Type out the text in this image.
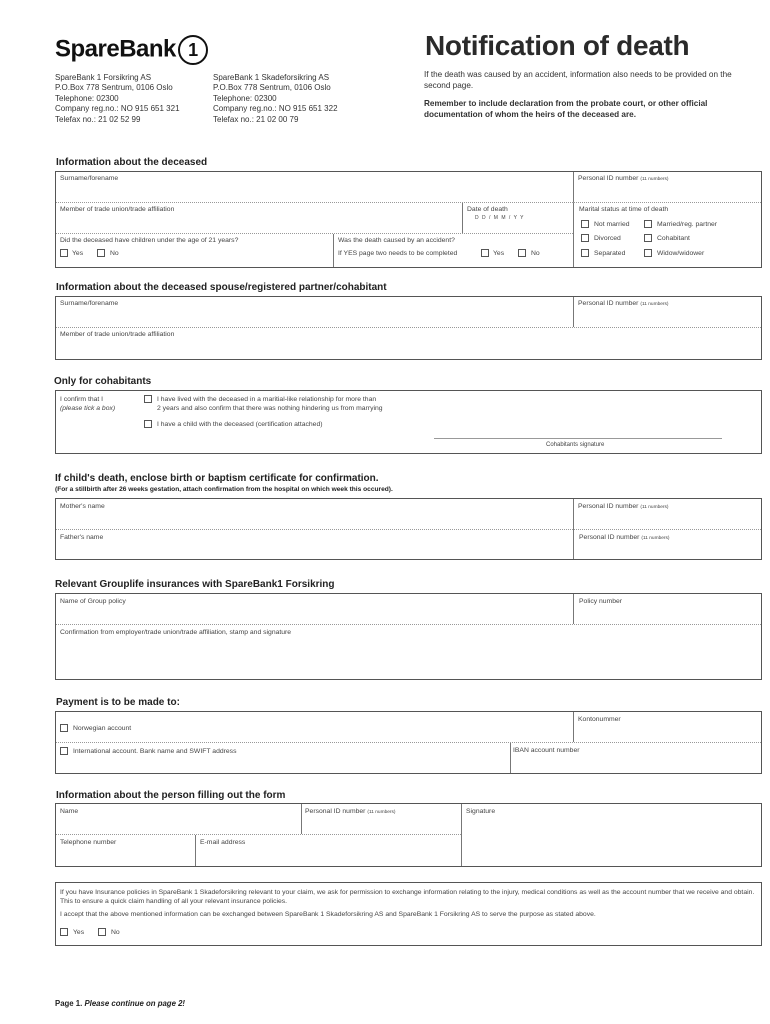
SpareBank 1
SpareBank 1 Forsikring AS
P.O.Box 778 Sentrum, 0106 Oslo
Telephone: 02300
Company reg.no.: NO 915 651 321
Telefax no.: 21 02 52 99
SpareBank 1 Skadeforsikring AS
P.O.Box 778 Sentrum, 0106 Oslo
Telephone: 02300
Company reg.no.: NO 915 651 322
Telefax no.: 21 02 00 79
Notification of death
If the death was caused by an accident, information also needs to be provided on the second page.
Remember to include declaration from the probate court, or other official documentation of whom the heirs of the deceased are.
Information about the deceased
Surname/forename	Personal ID number (11 numbers)
Member of trade union/trade affiliation	Date of death
D D / M M / Y Y
Marital status at time of death
Not married	Married/reg. partner
Divorced	Cohabitant
Separated	Widow/widower
Did the deceased have children under the age of 21 years?
Yes	No
Was the death caused by an accident?
If YES page two needs to be completed	Yes	No
Information about the deceased spouse/registered partner/cohabitant
Surname/forename	Personal ID number (11 numbers)
Member of trade union/trade affiliation
Only for cohabitants
I confirm that I
(please tick a box)
I have lived with the deceased in a maritial-like relationship for more than
2 years and also confirm that there was nothing hindering us from marrying
I have a child with the deceased (certification attached)
Cohabitants signature
If child's death, enclose birth or baptism certificate for confirmation.
(For a stillbirth after 26 weeks gestation, attach confirmation from the hospital on which week this occured).
Mother's name	Personal ID number (11 numbers)
Father's name	Personal ID number (11 numbers)
Relevant Grouplife insurances with SpareBank1 Forsikring
Name of Group policy	Policy number
Confirmation from employer/trade union/trade affiliation, stamp and signature
Payment is to be made to:
Kontonummer
Norwegian account
International account. Bank name and SWIFT address	IBAN account number
Information about the person filling out the form
Name	Personal ID number (11 numbers)	Signature
Telephone number	E-mail address
If you have Insurance policies in SpareBank 1 Skadeforsikring relevant to your claim, we ask for permission to exchange information relating to the injury, medical conditions as well as the account number that we receive and obtain. This to ensure a quick claim handling of all your relevant insurance policies.
I accept that the above mentioned information can be exchanged between SpareBank 1 Skadeforsikring AS and SpareBank 1 Forsikring AS to serve the purpose as stated above.
Yes	No
Page 1. Please continue on page 2!
